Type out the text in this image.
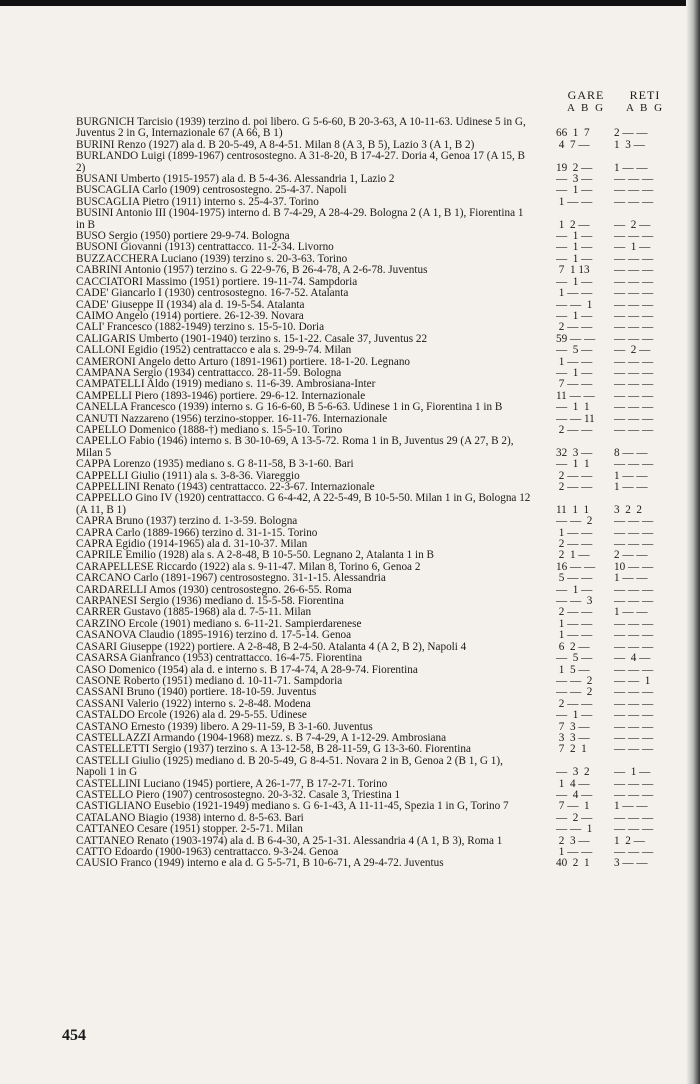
GARE
A B G
RETI
A B G
BURGNICH Tarcisio (1939) terzino d. poi libero. G 5-6-60, B 20-3-63, A 10-11-63. Udinese 5 in G, Juventus 2 in G, Internazionale 67 (A 66, B 1)	66  1  7 2 — —
BURINI Renzo (1927) ala d. B 20-5-49, A 8-4-51. Milan 8 (A 3, B 5), Lazio 3 (A 1, B 2)	4  7 — 1  3 —
BURLANDO Luigi (1899-1967) centrosostegno. A 31-8-20, B 17-4-27. Doria 4, Genoa 17 (A 15, B 2)	19  2 — 1 — —
BUSANI Umberto (1915-1957) ala d. B 5-4-36. Alessandria 1, Lazio 2	—  3 — — — —
BUSCAGLIA Carlo (1909) centrosostegno. 25-4-37. Napoli	—  1 — — — —
BUSCAGLIA Pietro (1911) interno s. 25-4-37. Torino	1 — — — — —
BUSINI Antonio III (1904-1975) interno d. B 7-4-29, A 28-4-29. Bologna 2 (A 1, B 1), Fiorentina 1 in B	1  2 — —  2 —
BUSO Sergio (1950) portiere 29-9-74. Bologna	—  1 — — — —
BUSONI Giovanni (1913) centrattacco. 11-2-34. Livorno	—  1 — —  1 —
BUZZACCHERA Luciano (1939) terzino s. 20-3-63. Torino	—  1 — — — —
CABRINI Antonio (1957) terzino s. G 22-9-76, B 26-4-78, A 2-6-78. Juventus	7  1 13 — — —
CACCIATORI Massimo (1951) portiere. 19-11-74. Sampdoria	—  1 — — — —
CADE' Giancarlo I (1930) centrosostegno. 16-7-52. Atalanta	1 — — — — —
CADE' Giuseppe II (1934) ala d. 19-5-54. Atalanta	— —  1 — — —
CAIMO Angelo (1914) portiere. 26-12-39. Novara	—  1 — — — —
CALI' Francesco (1882-1949) terzino s. 15-5-10. Doria	2 — — — — —
CALIGARIS Umberto (1901-1940) terzino s. 15-1-22. Casale 37, Juventus 22	59 — — — — —
CALLONI Egidio (1952) centrattacco e ala s. 29-9-74. Milan	—  5 — —  2 —
CAMERONI Angelo detto Arturo (1891-1961) portiere. 18-1-20. Legnano	1 — — — — —
CAMPANA Sergio (1934) centrattacco. 28-11-59. Bologna	—  1 — — — —
CAMPATELLI Aldo (1919) mediano s. 11-6-39. Ambrosiana-Inter	7 — — — — —
CAMPELLI Piero (1893-1946) portiere. 29-6-12. Internazionale	11 — — — — —
CANELLA Francesco (1939) interno s. G 16-6-60, B 5-6-63. Udinese 1 in G, Fiorentina 1 in B	—  1  1 — — —
CANUTI Nazzareno (1956) terzino-stopper. 16-11-76. Internazionale	— — 11 — — —
CAPELLO Domenico (1888-†) mediano s. 15-5-10. Torino	2 — — — — —
CAPELLO Fabio (1946) interno s. B 30-10-69, A 13-5-72. Roma 1 in B, Juventus 29 (A 27, B 2), Milan 5	32  3 — 8 — —
CAPPA Lorenzo (1935) mediano s. G 8-11-58, B 3-1-60. Bari	—  1  1 — — —
CAPPELLI Giulio (1911) ala s. 3-8-36. Viareggio	2 — — 1 — —
CAPPELLINI Renato (1943) centrattacco. 22-3-67. Internazionale	2 — — 1 — —
CAPPELLO Gino IV (1920) centrattacco. G 6-4-42, A 22-5-49, B 10-5-50. Milan 1 in G, Bologna 12 (A 11, B 1)	11  1  1 3  2  2
CAPRA Bruno (1937) terzino d. 1-3-59. Bologna	— —  2 — — —
CAPRA Carlo (1889-1966) terzino d. 31-1-15. Torino	1 — — — — —
CAPRA Egidio (1914-1965) ala d. 31-10-37. Milan	2 — — — — —
CAPRILE Emilio (1928) ala s. A 2-8-48, B 10-5-50. Legnano 2, Atalanta 1 in B	2  1 — 2 — —
CARAPELLESE Riccardo (1922) ala s. 9-11-47. Milan 8, Torino 6, Genoa 2	16 — — 10 — —
CARCANO Carlo (1891-1967) centrosostegno. 31-1-15. Alessandria	5 — — 1 — —
CARDARELLI Amos (1930) centrosostegno. 26-6-55. Roma	—  1 — — — —
CARPANESI Sergio (1936) mediano d. 15-5-58. Fiorentina	— —  3 — — —
CARRER Gustavo (1885-1968) ala d. 7-5-11. Milan	2 — — 1 — —
CARZINO Ercole (1901) mediano s. 6-11-21. Sampierdarenese	1 — — — — —
CASANOVA Claudio (1895-1916) terzino d. 17-5-14. Genoa	1 — — — — —
CASARI Giuseppe (1922) portiere. A 2-8-48, B 2-4-50. Atalanta 4 (A 2, B 2), Napoli 4	6  2 — — — —
CASARSA Gianfranco (1953) centrattacco. 16-4-75. Fiorentina	—  5 — —  4 —
CASO Domenico (1954) ala d. e interno s. B 17-4-74, A 28-9-74. Fiorentina	1  5 — — — —
CASONE Roberto (1951) mediano d. 10-11-71. Sampdoria	— —  2 — —  1
CASSANI Bruno (1940) portiere. 18-10-59. Juventus	— —  2 — — —
CASSANI Valerio (1922) interno s. 2-8-48. Modena	2 — — — — —
CASTALDO Ercole (1926) ala d. 29-5-55. Udinese	—  1 — — — —
CASTANO Ernesto (1939) libero. A 29-11-59, B 3-1-60. Juventus	7  3 — — — —
CASTELLAZZI Armando (1904-1968) mezz. s. B 7-4-29, A 1-12-29. Ambrosiana	3  3 — — — —
CASTELLETTI Sergio (1937) terzino s. A 13-12-58, B 28-11-59, G 13-3-60. Fiorentina	7  2  1 — — —
CASTELLI Giulio (1925) mediano d. B 20-5-49, G 8-4-51. Novara 2 in B, Genoa 2 (B 1, G 1), Napoli 1 in G	—  3  2 —  1 —
CASTELLINI Luciano (1945) portiere, A 26-1-77, B 17-2-71. Torino	1  4 — — — —
CASTELLO Piero (1907) centrosostegno. 20-3-32. Casale 3, Triestina 1	—  4 — — — —
CASTIGLIANO Eusebio (1921-1949) mediano s. G 6-1-43, A 11-11-45, Spezia 1 in G, Torino 7	7 —  1 1 — —
CATALANO Biagio (1938) interno d. 8-5-63. Bari	—  2 — — — —
CATTANEO Cesare (1951) stopper. 2-5-71. Milan	— —  1 — — —
CATTANEO Renato (1903-1974) ala d. B 6-4-30, A 25-1-31. Alessandria 4 (A 1, B 3), Roma 1	2  3 — 1  2 —
CATTO Edoardo (1900-1963) centrattacco. 9-3-24. Genoa	1 — — — — —
CAUSIO Franco (1949) interno e ala d. G 5-5-71, B 10-6-71, A 29-4-72. Juventus	40  2  1 3 — —
454
